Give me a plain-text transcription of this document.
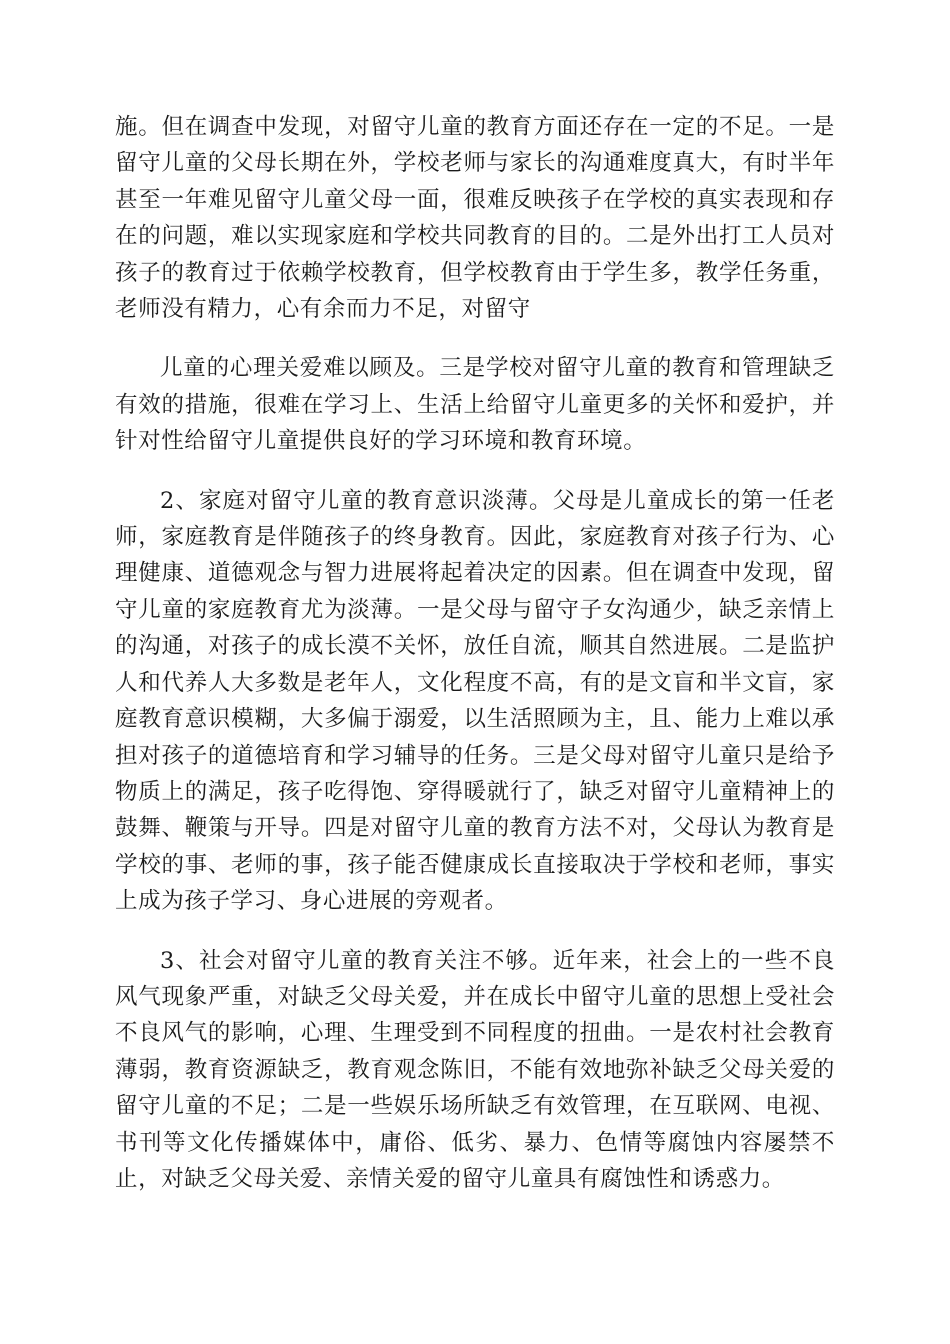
施。但在调查中发现，对留守儿童的教育方面还存在一定的不足。一是留守儿童的父母长期在外，学校老师与家长的沟通难度真大，有时半年甚至一年难见留守儿童父母一面，很难反映孩子在学校的真实表现和存在的问题，难以实现家庭和学校共同教育的目的。二是外出打工人员对孩子的教育过于依赖学校教育，但学校教育由于学生多，教学任务重，老师没有精力，心有余而力不足，对留守

儿童的心理关爱难以顾及。三是学校对留守儿童的教育和管理缺乏有效的措施，很难在学习上、生活上给留守儿童更多的关怀和爱护，并针对性给留守儿童提供良好的学习环境和教育环境。

2、家庭对留守儿童的教育意识淡薄。父母是儿童成长的第一任老师，家庭教育是伴随孩子的终身教育。因此，家庭教育对孩子行为、心理健康、道德观念与智力进展将起着决定的因素。但在调查中发现，留守儿童的家庭教育尤为淡薄。一是父母与留守子女沟通少，缺乏亲情上的沟通，对孩子的成长漠不关怀，放任自流，顺其自然进展。二是监护人和代养人大多数是老年人，文化程度不高，有的是文盲和半文盲，家庭教育意识模糊，大多偏于溺爱，以生活照顾为主，且、能力上难以承担对孩子的道德培育和学习辅导的任务。三是父母对留守儿童只是给予物质上的满足，孩子吃得饱、穿得暖就行了，缺乏对留守儿童精神上的鼓舞、鞭策与开导。四是对留守儿童的教育方法不对，父母认为教育是学校的事、老师的事，孩子能否健康成长直接取决于学校和老师，事实上成为孩子学习、身心进展的旁观者。

3、社会对留守儿童的教育关注不够。近年来，社会上的一些不良风气现象严重，对缺乏父母关爱，并在成长中留守儿童的思想上受社会不良风气的影响，心理、生理受到不同程度的扭曲。一是农村社会教育薄弱，教育资源缺乏，教育观念陈旧，不能有效地弥补缺乏父母关爱的留守儿童的不足；二是一些娱乐场所缺乏有效管理，在互联网、电视、书刊等文化传播媒体中，庸俗、低劣、暴力、色情等腐蚀内容屡禁不止，对缺乏父母关爱、亲情关爱的留守儿童具有腐蚀性和诱惑力。
